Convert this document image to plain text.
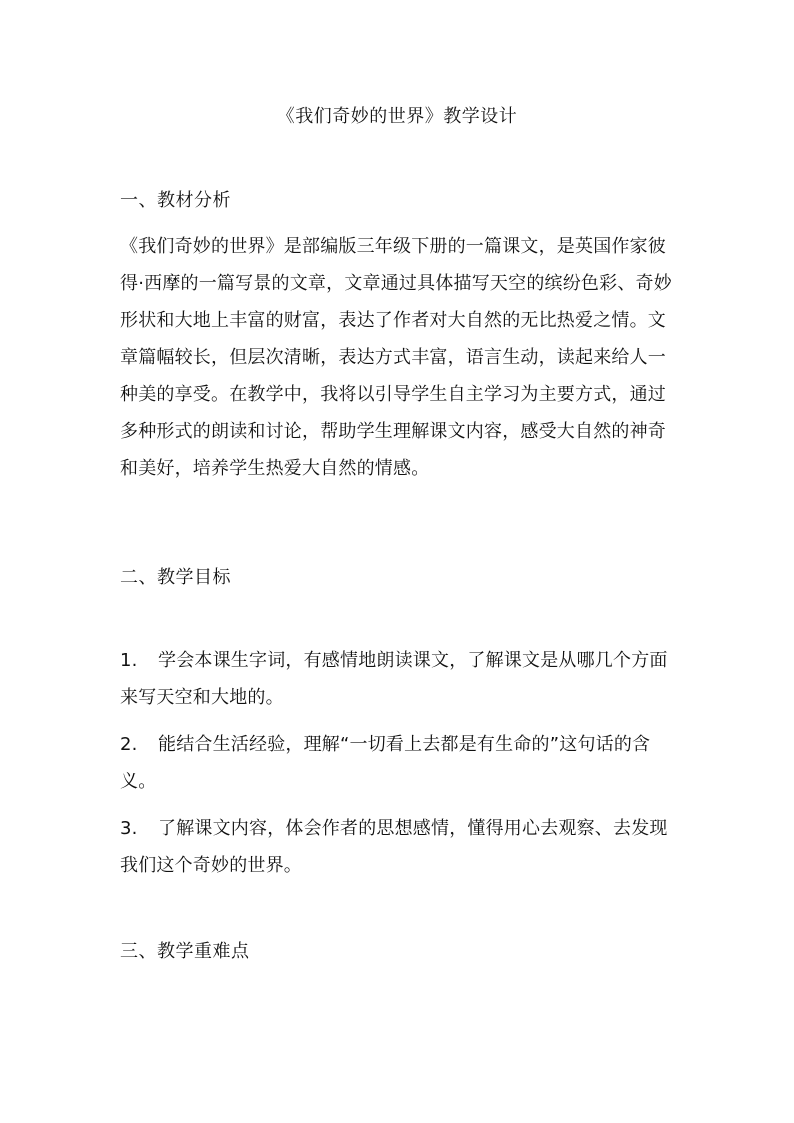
《我们奇妙的世界》教学设计
一、教材分析
《我们奇妙的世界》是部编版三年级下册的一篇课文，是英国作家彼得·西摩的一篇写景的文章，文章通过具体描写天空的缤纷色彩、奇妙形状和大地上丰富的财富，表达了作者对大自然的无比热爱之情。文章篇幅较长，但层次清晰，表达方式丰富，语言生动，读起来给人一种美的享受。在教学中，我将以引导学生自主学习为主要方式，通过多种形式的朗读和讨论，帮助学生理解课文内容，感受大自然的神奇和美好，培养学生热爱大自然的情感。
二、教学目标
1. 学会本课生字词，有感情地朗读课文，了解课文是从哪几个方面来写天空和大地的。
2. 能结合生活经验，理解“一切看上去都是有生命的”这句话的含义。
3. 了解课文内容，体会作者的思想感情，懂得用心去观察、去发现我们这个奇妙的世界。
三、教学重难点
